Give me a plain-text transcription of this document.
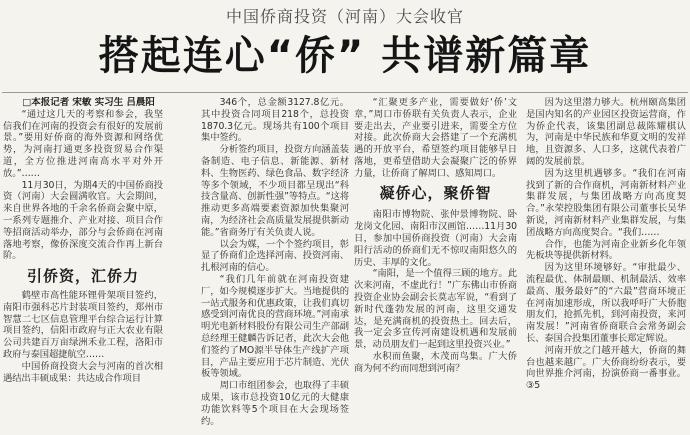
中国侨商投资（河南）大会收官
搭起连心“侨” 共谱新篇章

□本报记者 宋敏 实习生 吕晨阳

“通过这几天的考察和参会，我坚信我们在河南的投资会有很好的发展前景。”要用好侨商的海外资源和网络优势，为河南打通更多投资贸易合作渠道，全方位推进河南高水平对外开放。”……

11月30日，为期4天的中国侨商投资（河南）大会圆满收官。大会期间，来自世界各地的千余名侨商会聚中原，一系列专题推介、产业对接、项目合作等招商活动举办，部分与会侨商在河南落地考察，像侨深度交流合作再上新台阶。

引侨资，汇侨力

鹤壁市高性能环锂骨架项目签约，南阳市强科芯片封装项目签约，郑州市智慧二七区信息管理平台综合运行计算项目签约，信阳市政府与正大农业有限公司共建百万亩绿洲禾业工程，洛阳市政府与泰国超捷航空……

中国侨商投资大会与河南的首次相遇结出丰硕成果：共达成合作项目

346个，总金额3127.8亿元。其中投资合同项目218个，总投资1870.3亿元。现场共有100个项目集中签约。

分析签约项目，投资方向涵盖装备制造、电子信息、新能源、新材料、生物医药、绿色食品、数字经济等多个领域，不少项目都呈现出“科技含量高、创新性强”等特点。“这将推动更多高端要素资源加快集聚河南，为经济社会高质量发展提供新动能。”省商务厅有关负责人说。

以会为媒，一个个签约项目，彰显了侨商们企选择河南、投资河南、扎根河南的信心。

“我们几年前就在河南投资建厂，如今规模逐步扩大。当地提供的一站式服务和优惠政策，让我们真切感受到河南优良的营商环境。”河南承明光电新材料股份有限公司生产部副总经理王健麟告诉记者，此次大会他们签约了MO源半导体生产线扩产项目，产品主要应用于芯片制造、光伏板等领域。

周口市组团参会，也取得了丰硕成果，该市总投资10亿元的大健康功能饮料等5个项目在大会现场签约。

“汇聚更多产业，需要做好‘侨’文章，”周口市侨联有关负责人表示，企业要走出去，产业要引进来，需要全方位对接。此次侨商大会搭建了一个充满机遇的开放平台，希望签约项目能够早日落地，更希望借助大会凝聚广泛的侨界力量，让侨商了解周口、感知周口。

凝侨心，聚侨智

南阳市博物院、张仲景博物院、卧龙岗文化园、南阳市汉画馆……11月30日，参加中国侨商投资（河南）大会南阳行活动的侨商们无不惊叹南阳悠久的历史、丰厚的文化。

“南阳，是一个值得三顾的地方。此次来河南，不虚此行！”广东佛山市侨商投资企业协会副会长莫志军说，“看到了新时代蓬勃发展的河南，这里交通发达，是充满商机的投资热土。回去后，我一定会多宣传河南建设机遇和发展前景，动员朋友们一起到这里投资兴业。”

水积而鱼聚，木茂而鸟集。广大侨商为何不约而同想到河南？

因为这里潜力够大。杭州颐高集团是国内知名的产业园区投资运营商，作为侨企代表，该集团副总裁陈耀棋认为，河南是中华民族和华夏文明的发祥地，且资源多、人口多，这就代表着广阔的发展前景。

因为这里机遇够多。“我们在河南找到了新的合作商机，河南新材料产业集群发展，与集团战略方向高度契合。”永荣控股集团有限公司董事长吴华新说，河南新材料产业集群发展，与集团战略方向高度契合。“我们……

合作，也能为河南企业新乡化年领先板块等提供新材料。

因为这里环境够好。“审批最少、流程最优、体制最顺、机制最活、效率最高、服务最好”的“六最”营商环境正在河南加速形成，所以我呼吁广大侨胞朋友们，抢抓先机，到河南投资，来河南发展！”河南省侨商联合会常务副会长、泰国合投集团董事长郑定辉说。

河南开放之门越开越大，侨商的舞台也越来越广。广大侨商纷纷表示，要向世界推介河南，扮演侨商一番事业。③5
